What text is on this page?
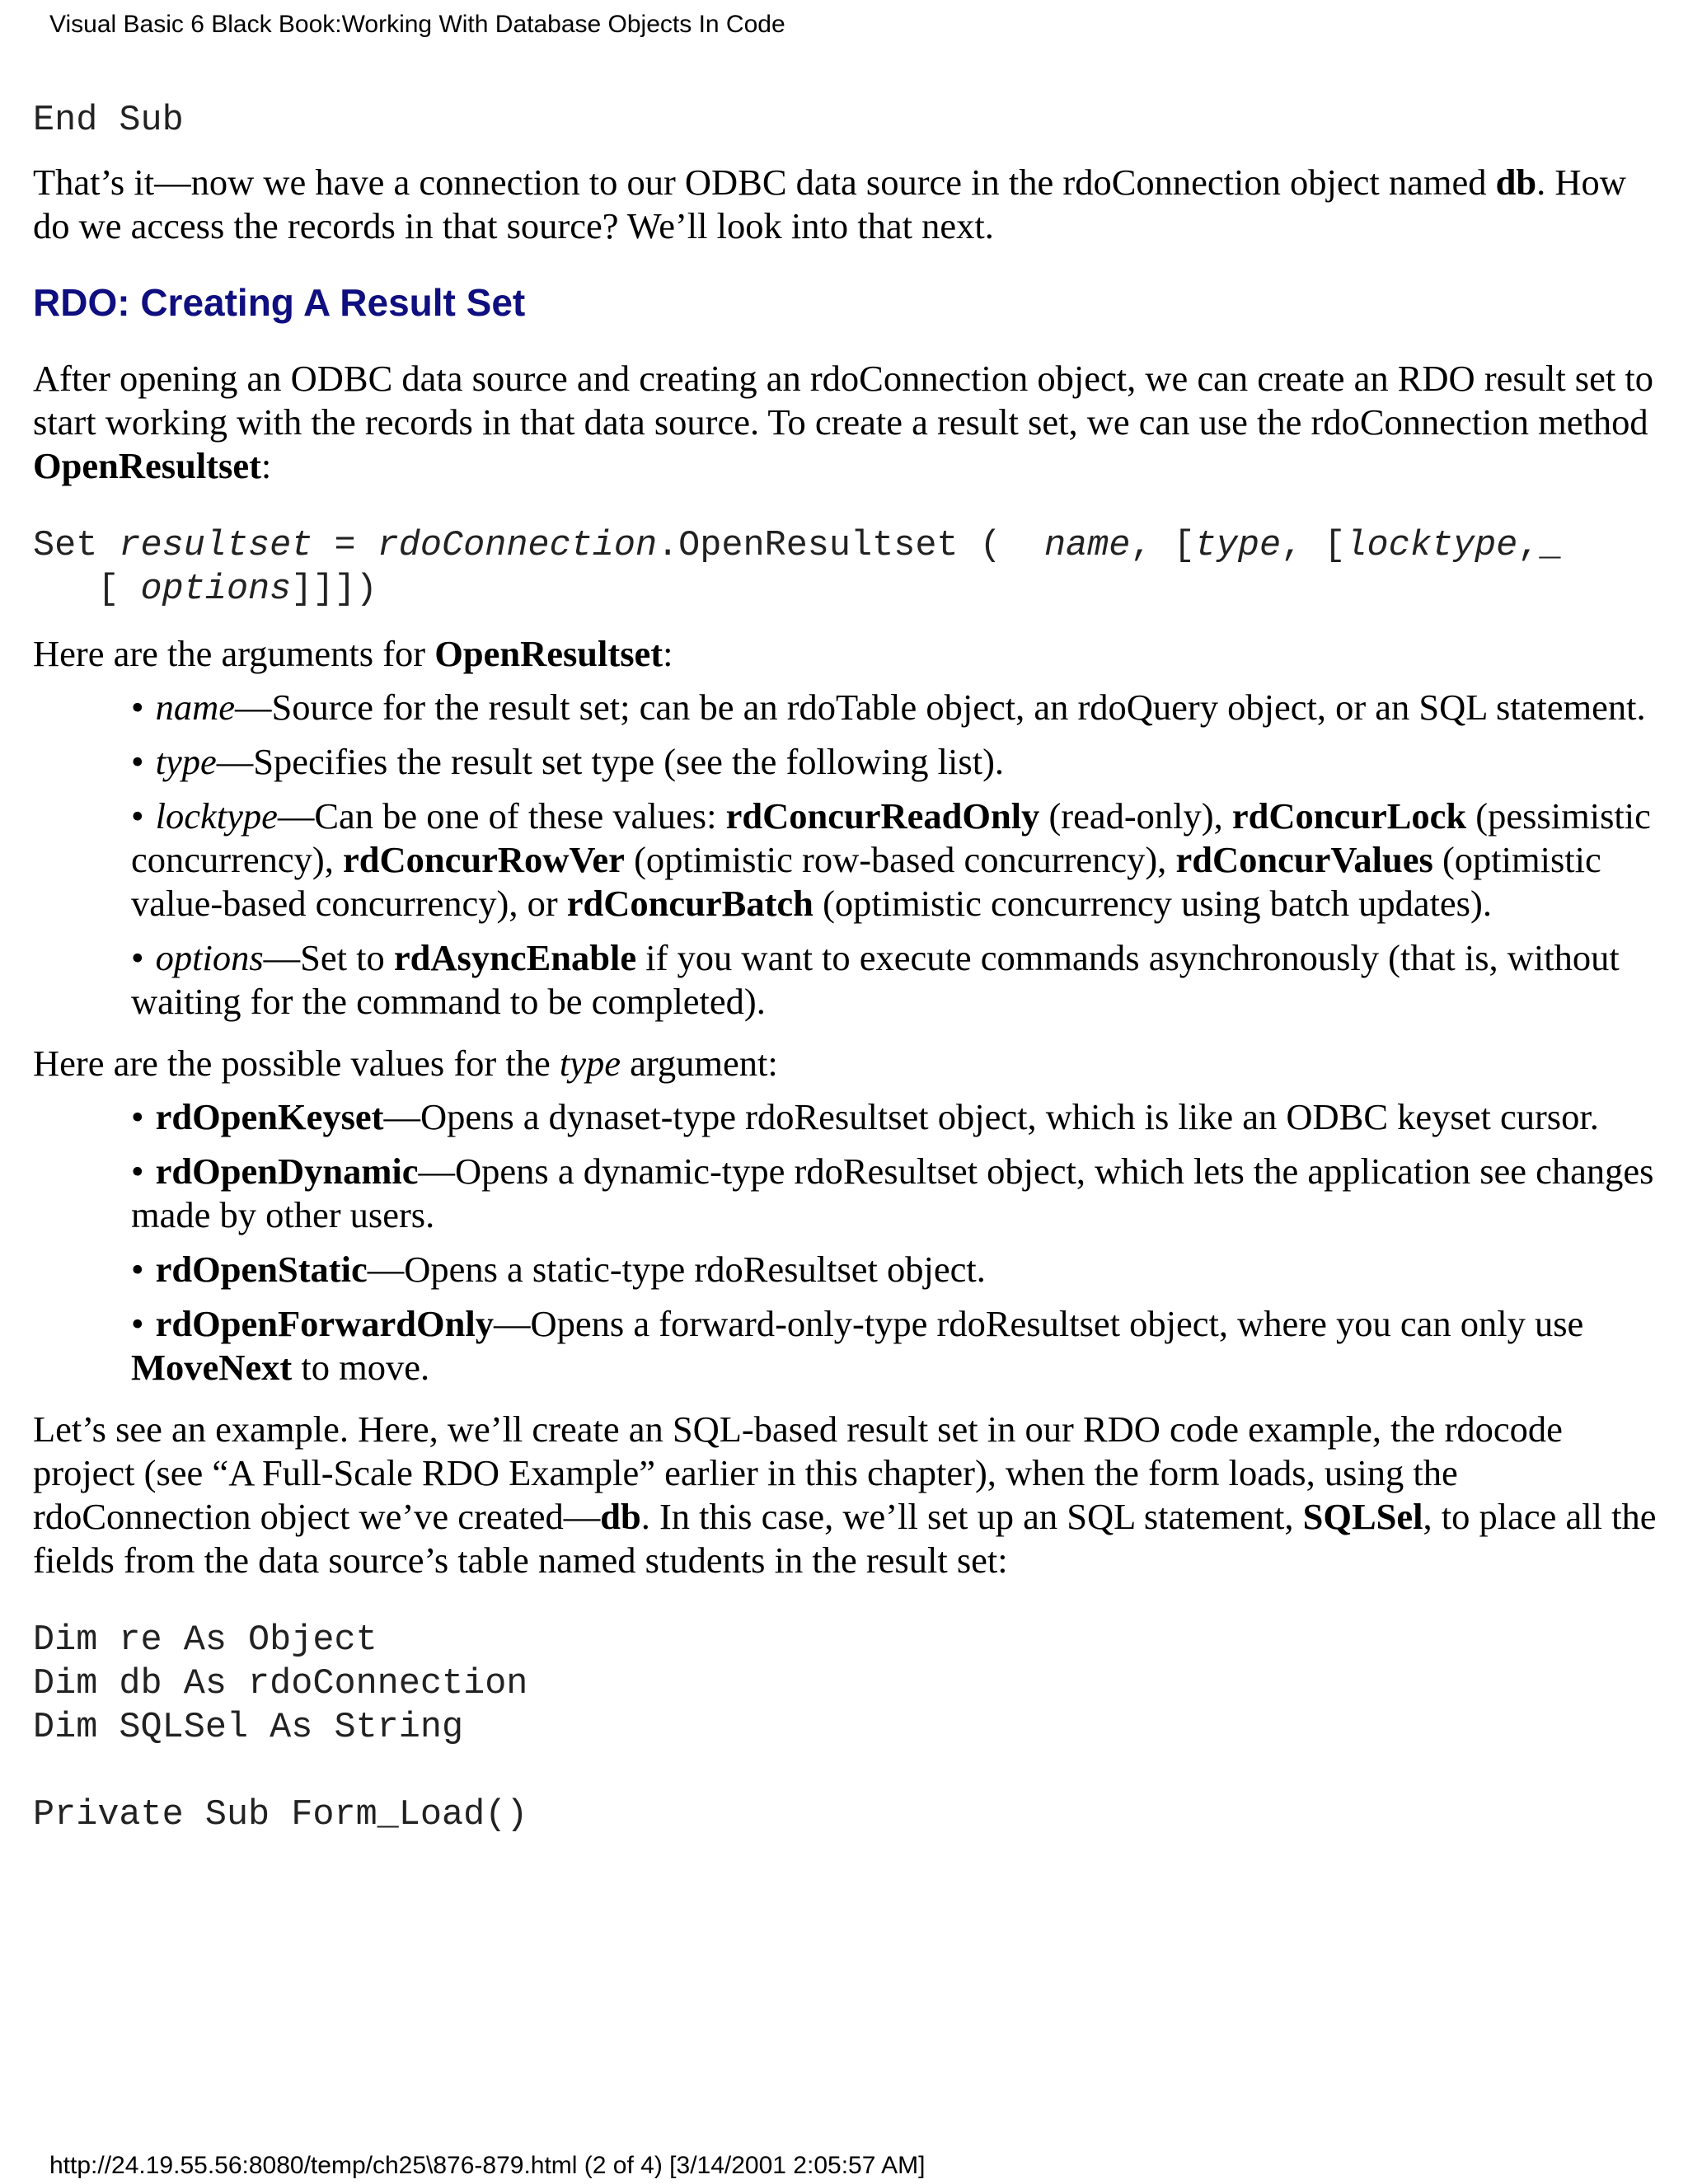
Visual Basic 6 Black Book:Working With Database Objects In Code
End Sub

That’s it—now we have a connection to our ODBC data source in the rdoConnection object named db. How do we access the records in that source? We’ll look into that next.

RDO: Creating A Result Set

After opening an ODBC data source and creating an rdoConnection object, we can create an RDO result set to start working with the records in that data source. To create a result set, we can use the rdoConnection method OpenResultset:

Set resultset = rdoConnection.OpenResultset (  name, [type, [locktype,_
[ options]]])

Here are the arguments for OpenResultset:

• name—Source for the result set; can be an rdoTable object, an rdoQuery object, or an SQL statement.
• type—Specifies the result set type (see the following list).
• locktype—Can be one of these values: rdConcurReadOnly (read-only), rdConcurLock (pessimistic concurrency), rdConcurRowVer (optimistic row-based concurrency), rdConcurValues (optimistic value-based concurrency), or rdConcurBatch (optimistic concurrency using batch updates).
• options—Set to rdAsyncEnable if you want to execute commands asynchronously (that is, without waiting for the command to be completed).

Here are the possible values for the type argument:

• rdOpenKeyset—Opens a dynaset-type rdoResultset object, which is like an ODBC keyset cursor.
• rdOpenDynamic—Opens a dynamic-type rdoResultset object, which lets the application see changes made by other users.
• rdOpenStatic—Opens a static-type rdoResultset object.
• rdOpenForwardOnly—Opens a forward-only-type rdoResultset object, where you can only use MoveNext to move.

Let’s see an example. Here, we’ll create an SQL-based result set in our RDO code example, the rdocode project (see “A Full-Scale RDO Example” earlier in this chapter), when the form loads, using the rdoConnection object we’ve created—db. In this case, we’ll set up an SQL statement, SQLSel, to place all the fields from the data source’s table named students in the result set:

Dim re As Object
Dim db As rdoConnection
Dim SQLSel As String

Private Sub Form_Load()
http://24.19.55.56:8080/temp/ch25\876-879.html (2 of 4) [3/14/2001 2:05:57 AM]
